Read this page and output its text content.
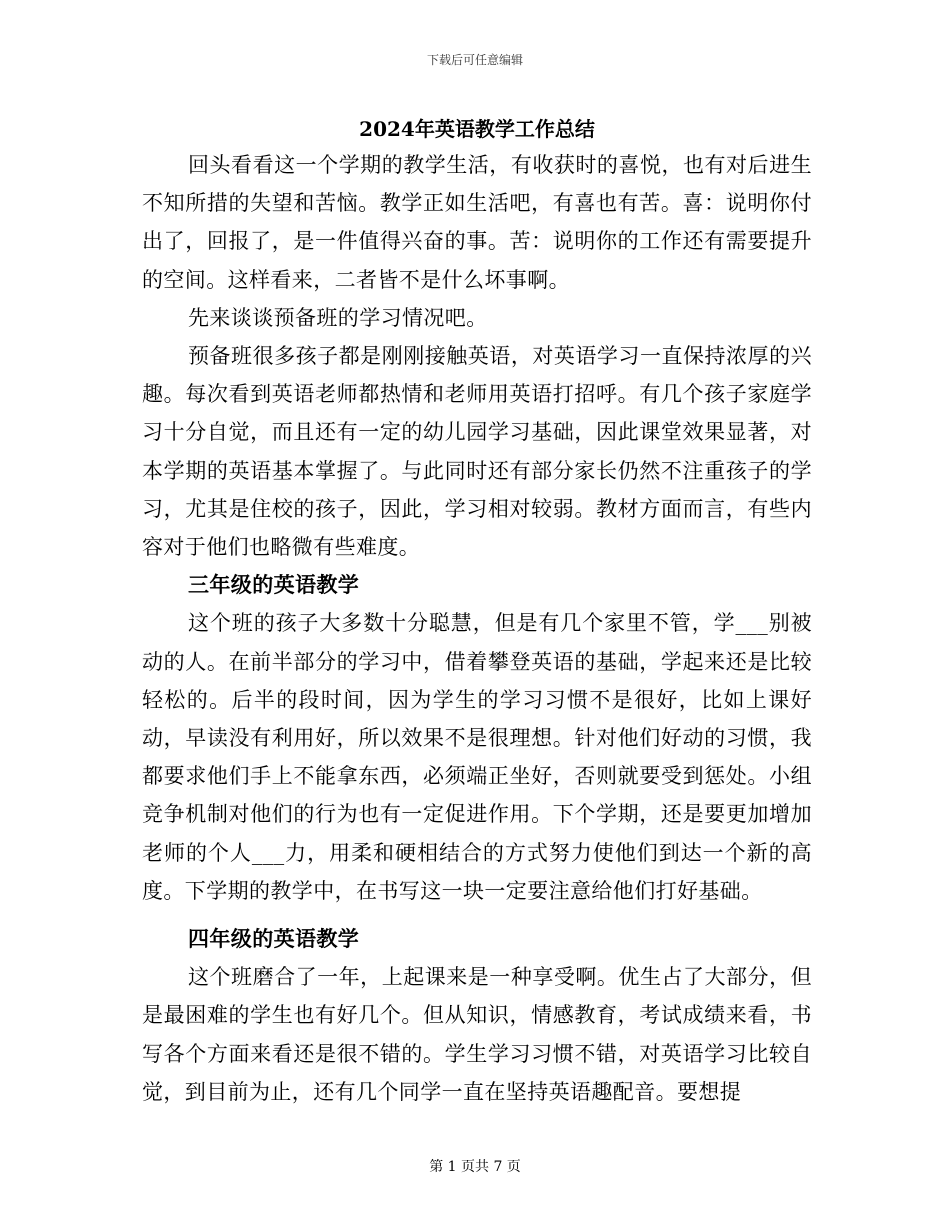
下载后可任意编辑
2024年英语教学工作总结

回头看看这一个学期的教学生活，有收获时的喜悦，也有对后进生不知所措的失望和苦恼。教学正如生活吧，有喜也有苦。喜：说明你付出了，回报了，是一件值得兴奋的事。苦：说明你的工作还有需要提升的空间。这样看来，二者皆不是什么坏事啊。

先来谈谈预备班的学习情况吧。

预备班很多孩子都是刚刚接触英语，对英语学习一直保持浓厚的兴趣。每次看到英语老师都热情和老师用英语打招呼。有几个孩子家庭学习十分自觉，而且还有一定的幼儿园学习基础，因此课堂效果显著，对本学期的英语基本掌握了。与此同时还有部分家长仍然不注重孩子的学习，尤其是住校的孩子，因此，学习相对较弱。教材方面而言，有些内容对于他们也略微有些难度。

三年级的英语教学

这个班的孩子大多数十分聪慧，但是有几个家里不管，学___别被动的人。在前半部分的学习中，借着攀登英语的基础，学起来还是比较轻松的。后半的段时间，因为学生的学习习惯不是很好，比如上课好动，早读没有利用好，所以效果不是很理想。针对他们好动的习惯，我都要求他们手上不能拿东西，必须端正坐好，否则就要受到惩处。小组竞争机制对他们的行为也有一定促进作用。下个学期，还是要更加增加老师的个人___力，用柔和硬相结合的方式努力使他们到达一个新的高度。下学期的教学中，在书写这一块一定要注意给他们打好基础。

四年级的英语教学

这个班磨合了一年，上起课来是一种享受啊。优生占了大部分，但是最困难的学生也有好几个。但从知识，情感教育，考试成绩来看，书写各个方面来看还是很不错的。学生学习习惯不错，对英语学习比较自觉，到目前为止，还有几个同学一直在坚持英语趣配音。要想提

第 1 页共 7 页
